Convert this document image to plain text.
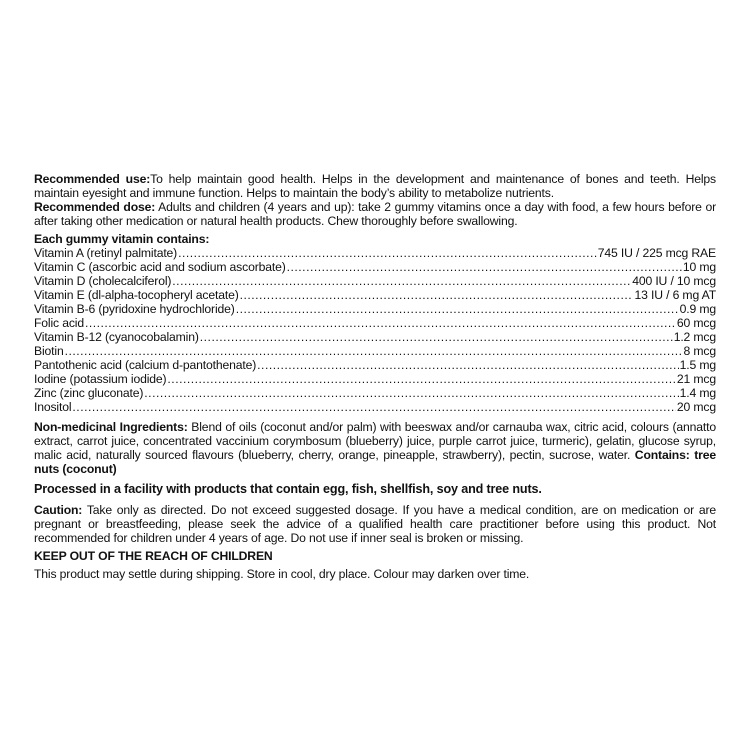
Recommended use:To help maintain good health. Helps in the development and maintenance of bones and teeth. Helps maintain eyesight and immune function. Helps to maintain the body’s ability to metabolize nutrients.

Recommended dose: Adults and children (4 years and up): take 2 gummy vitamins once a day with food, a few hours before or after taking other medication or natural health products. Chew thoroughly before swallowing.

Each gummy vitamin contains:
Vitamin A (retinyl palmitate) .....	745 IU / 225 mcg RAE
Vitamin C (ascorbic acid and sodium ascorbate) .....	10 mg
Vitamin D (cholecalciferol) .....	400 IU / 10 mcg
Vitamin E (dl-alpha-tocopheryl acetate) .....	13 IU / 6 mg AT
Vitamin B-6 (pyridoxine hydrochloride) .....	0.9 mg
Folic acid .....	60 mcg
Vitamin B-12 (cyanocobalamin) .....	1.2 mcg
Biotin .....	8 mcg
Pantothenic acid (calcium d-pantothenate) .....	1.5 mg
Iodine (potassium iodide) .....	21 mcg
Zinc (zinc gluconate) .....	1.4 mg
Inositol .....	20 mcg

Non-medicinal Ingredients: Blend of oils (coconut and/or palm) with beeswax and/or carnauba wax, citric acid, colours (annatto extract, carrot juice, concentrated vaccinium corymbosum (blueberry) juice, purple carrot juice, turmeric), gelatin, glucose syrup, malic acid, naturally sourced flavours (blueberry, cherry, orange, pineapple, strawberry), pectin, sucrose, water. Contains: tree nuts (coconut)

Processed in a facility with products that contain egg, fish, shellfish, soy and tree nuts.

Caution: Take only as directed. Do not exceed suggested dosage. If you have a medical condition, are on medication or are pregnant or breastfeeding, please seek the advice of a qualified health care practitioner before using this product. Not recommended for children under 4 years of age. Do not use if inner seal is broken or missing.

KEEP OUT OF THE REACH OF CHILDREN

This product may settle during shipping. Store in cool, dry place. Colour may darken over time.
